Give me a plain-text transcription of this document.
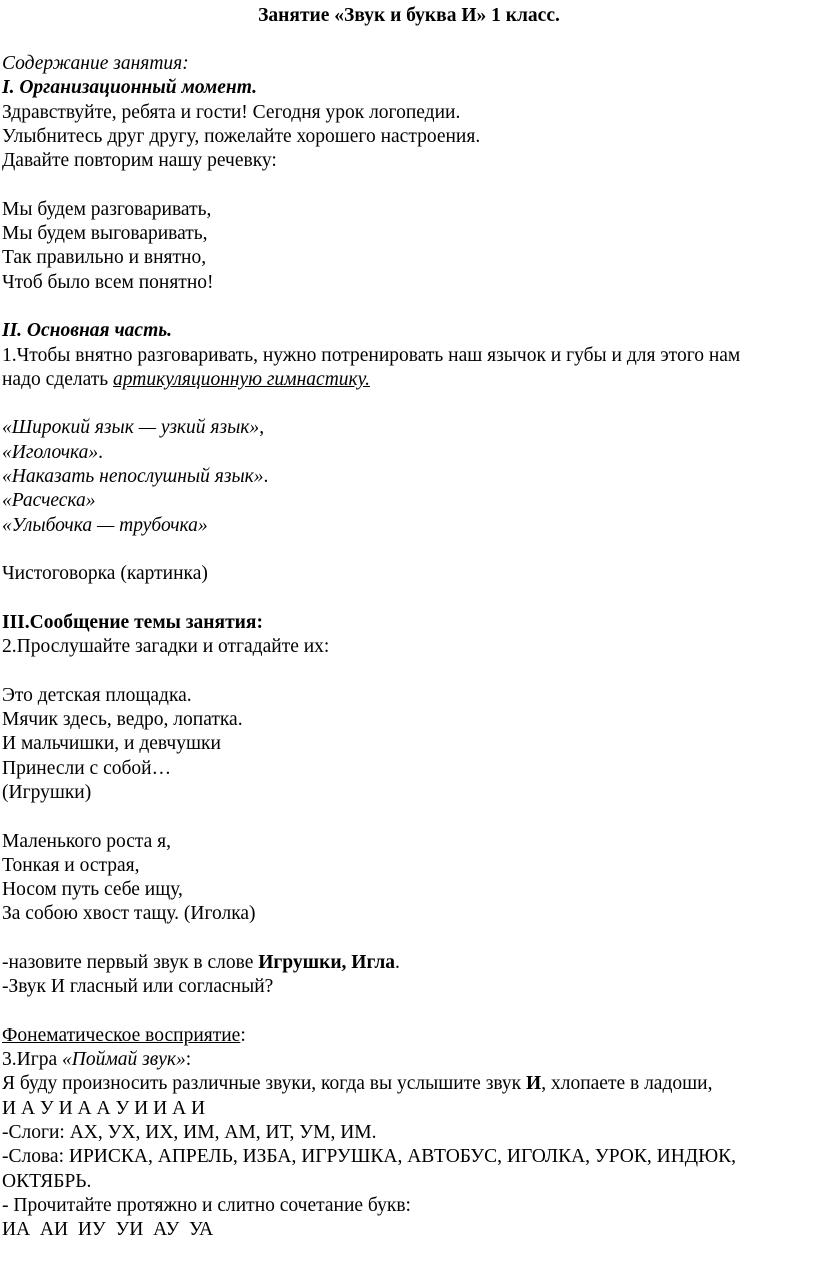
Занятие «Звук и буква И» 1 класс.
Содержание занятия:
I. Организационный момент.
Здравствуйте, ребята и гости! Сегодня урок логопедии.
Улыбнитесь друг другу, пожелайте хорошего настроения.
Давайте повторим нашу речевку:
Мы будем разговаривать,
Мы будем выговаривать,
Так правильно и внятно,
Чтоб было всем понятно!
II. Основная часть.
1.Чтобы внятно разговаривать, нужно потренировать наш язычок и губы и для этого нам
надо сделать артикуляционную гимнастику.
«Широкий язык — узкий язык»,
«Иголочка».
«Наказать непослушный язык».
«Расческа»
«Улыбочка — трубочка»
Чистоговорка (картинка)
III.Сообщение темы занятия:
2.Прослушайте загадки и отгадайте их:
Это детская площадка.
Мячик здесь, ведро, лопатка.
И мальчишки, и девчушки
Принесли с собой…
(Игрушки)
Маленького роста я,
Тонкая и острая,
Носом путь себе ищу,
За собою хвост тащу. (Иголка)
-назовите первый звук в слове Игрушки, Игла.
-Звук И гласный или согласный?
Фонематическое восприятие:
3.Игра «Поймай звук»:
Я буду произносить различные звуки, когда вы услышите звук И, хлопаете в ладоши,
И А У И А А У И И А И
-Слоги: АХ, УХ, ИХ, ИМ, АМ, ИТ, УМ, ИМ.
-Слова: ИРИСКА, АПРЕЛЬ, ИЗБА, ИГРУШКА, АВТОБУС, ИГОЛКА, УРОК, ИНДЮК,
ОКТЯБРЬ.
- Прочитайте протяжно и слитно сочетание букв:
ИА  АИ  ИУ  УИ  АУ  УА
